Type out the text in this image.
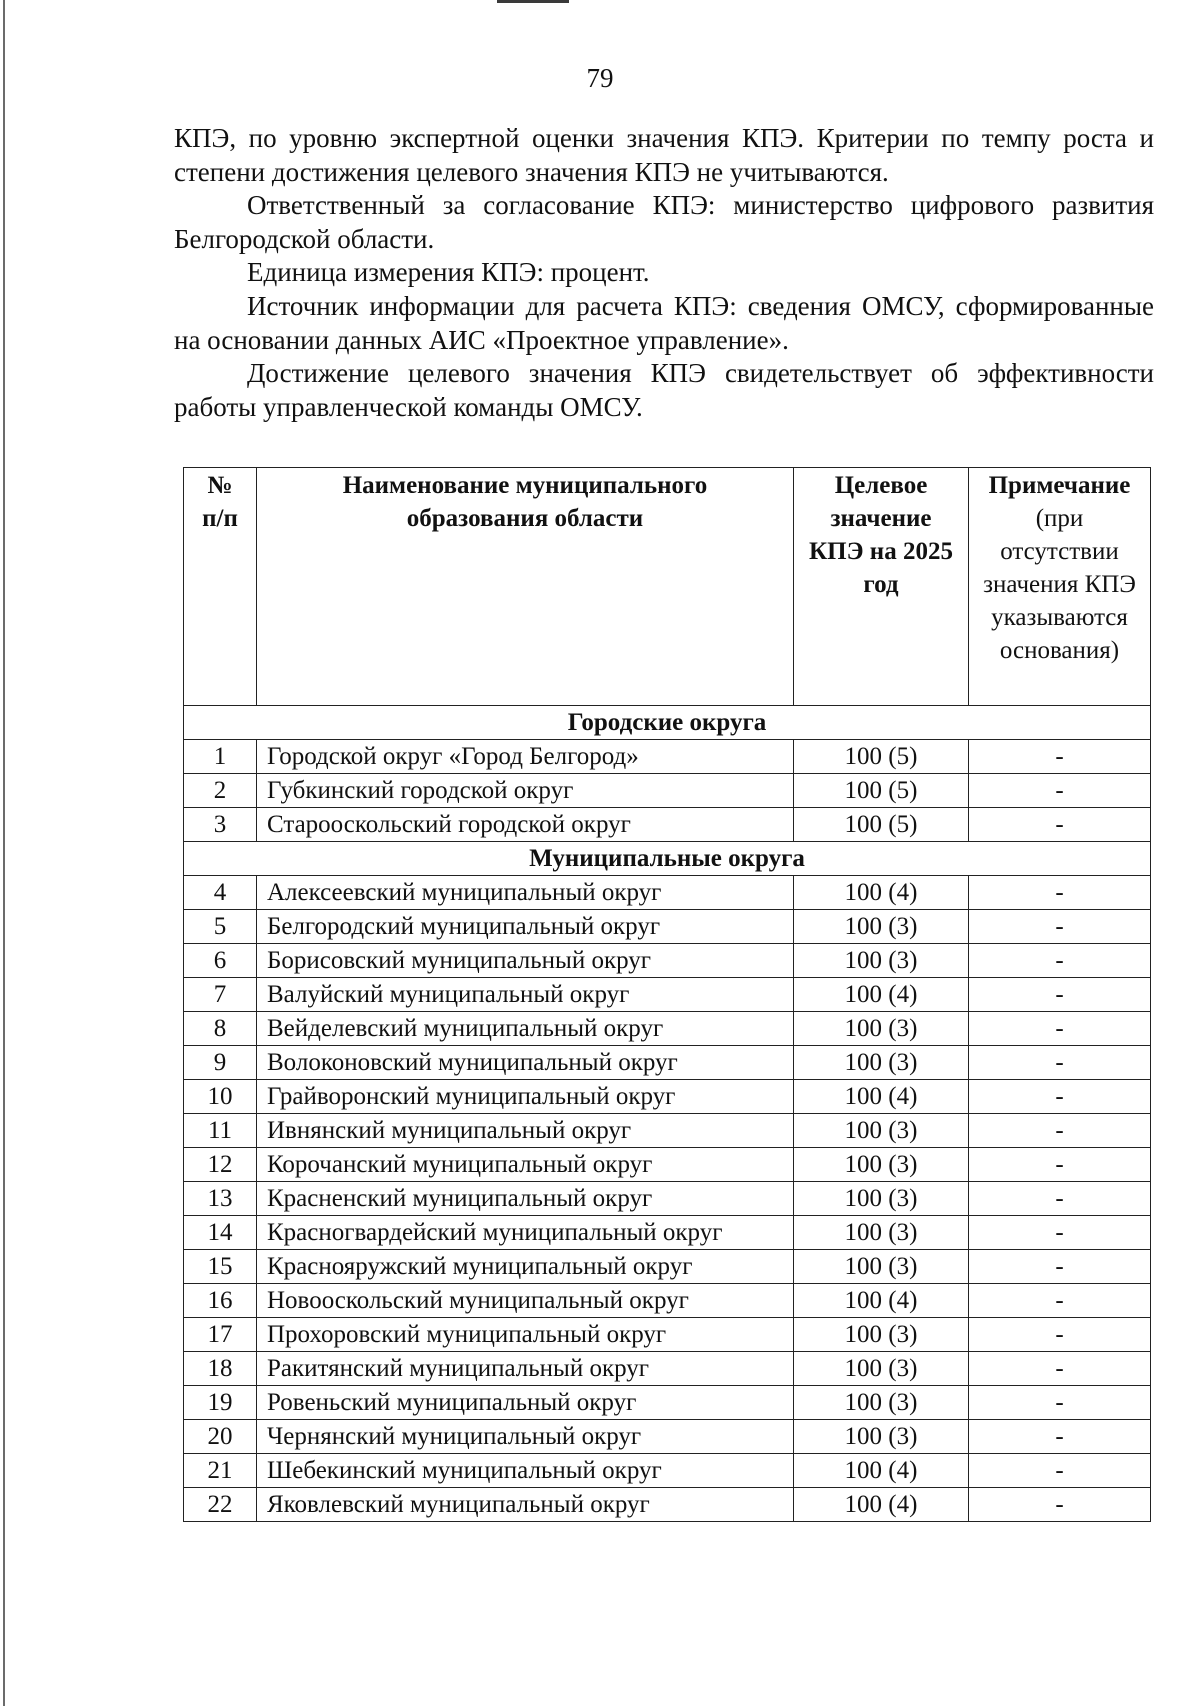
79

КПЭ, по уровню экспертной оценки значения КПЭ. Критерии по темпу роста и степени достижения целевого значения КПЭ не учитываются.

Ответственный за согласование КПЭ: министерство цифрового развития Белгородской области.

Единица измерения КПЭ: процент.

Источник информации для расчета КПЭ: сведения ОМСУ, сформированные на основании данных АИС «Проектное управление».

Достижение целевого значения КПЭ свидетельствует об эффективности работы управленческой команды ОМСУ.

№ п/п	Наименование муниципального образования области	Целевое значение КПЭ на 2025 год	Примечание
(при отсутствии значения КПЭ указываются основания)

Городские округа			
1	Городской округ «Город Белгород»	100 (5)	-
2	Губкинский городской округ	100 (5)	-
3	Старооскольский городской округ	100 (5)	-
Муниципальные округа			
4	Алексеевский муниципальный округ	100 (4)	-
5	Белгородский муниципальный округ	100 (3)	-
6	Борисовский муниципальный округ	100 (3)	-
7	Валуйский муниципальный округ	100 (4)	-
8	Вейделевский муниципальный округ	100 (3)	-
9	Волоконовский муниципальный округ	100 (3)	-
10	Грайворонский муниципальный округ	100 (4)	-
11	Ивнянский муниципальный округ	100 (3)	-
12	Корочанский муниципальный округ	100 (3)	-
13	Красненский муниципальный округ	100 (3)	-
14	Красногвардейский муниципальный округ	100 (3)	-
15	Краснояружский муниципальный округ	100 (3)	-
16	Новооскольский муниципальный округ	100 (4)	-
17	Прохоровский муниципальный округ	100 (3)	-
18	Ракитянский муниципальный округ	100 (3)	-
19	Ровеньский муниципальный округ	100 (3)	-
20	Чернянский муниципальный округ	100 (3)	-
21	Шебекинский муниципальный округ	100 (4)	-
22	Яковлевский муниципальный округ	100 (4)	-
